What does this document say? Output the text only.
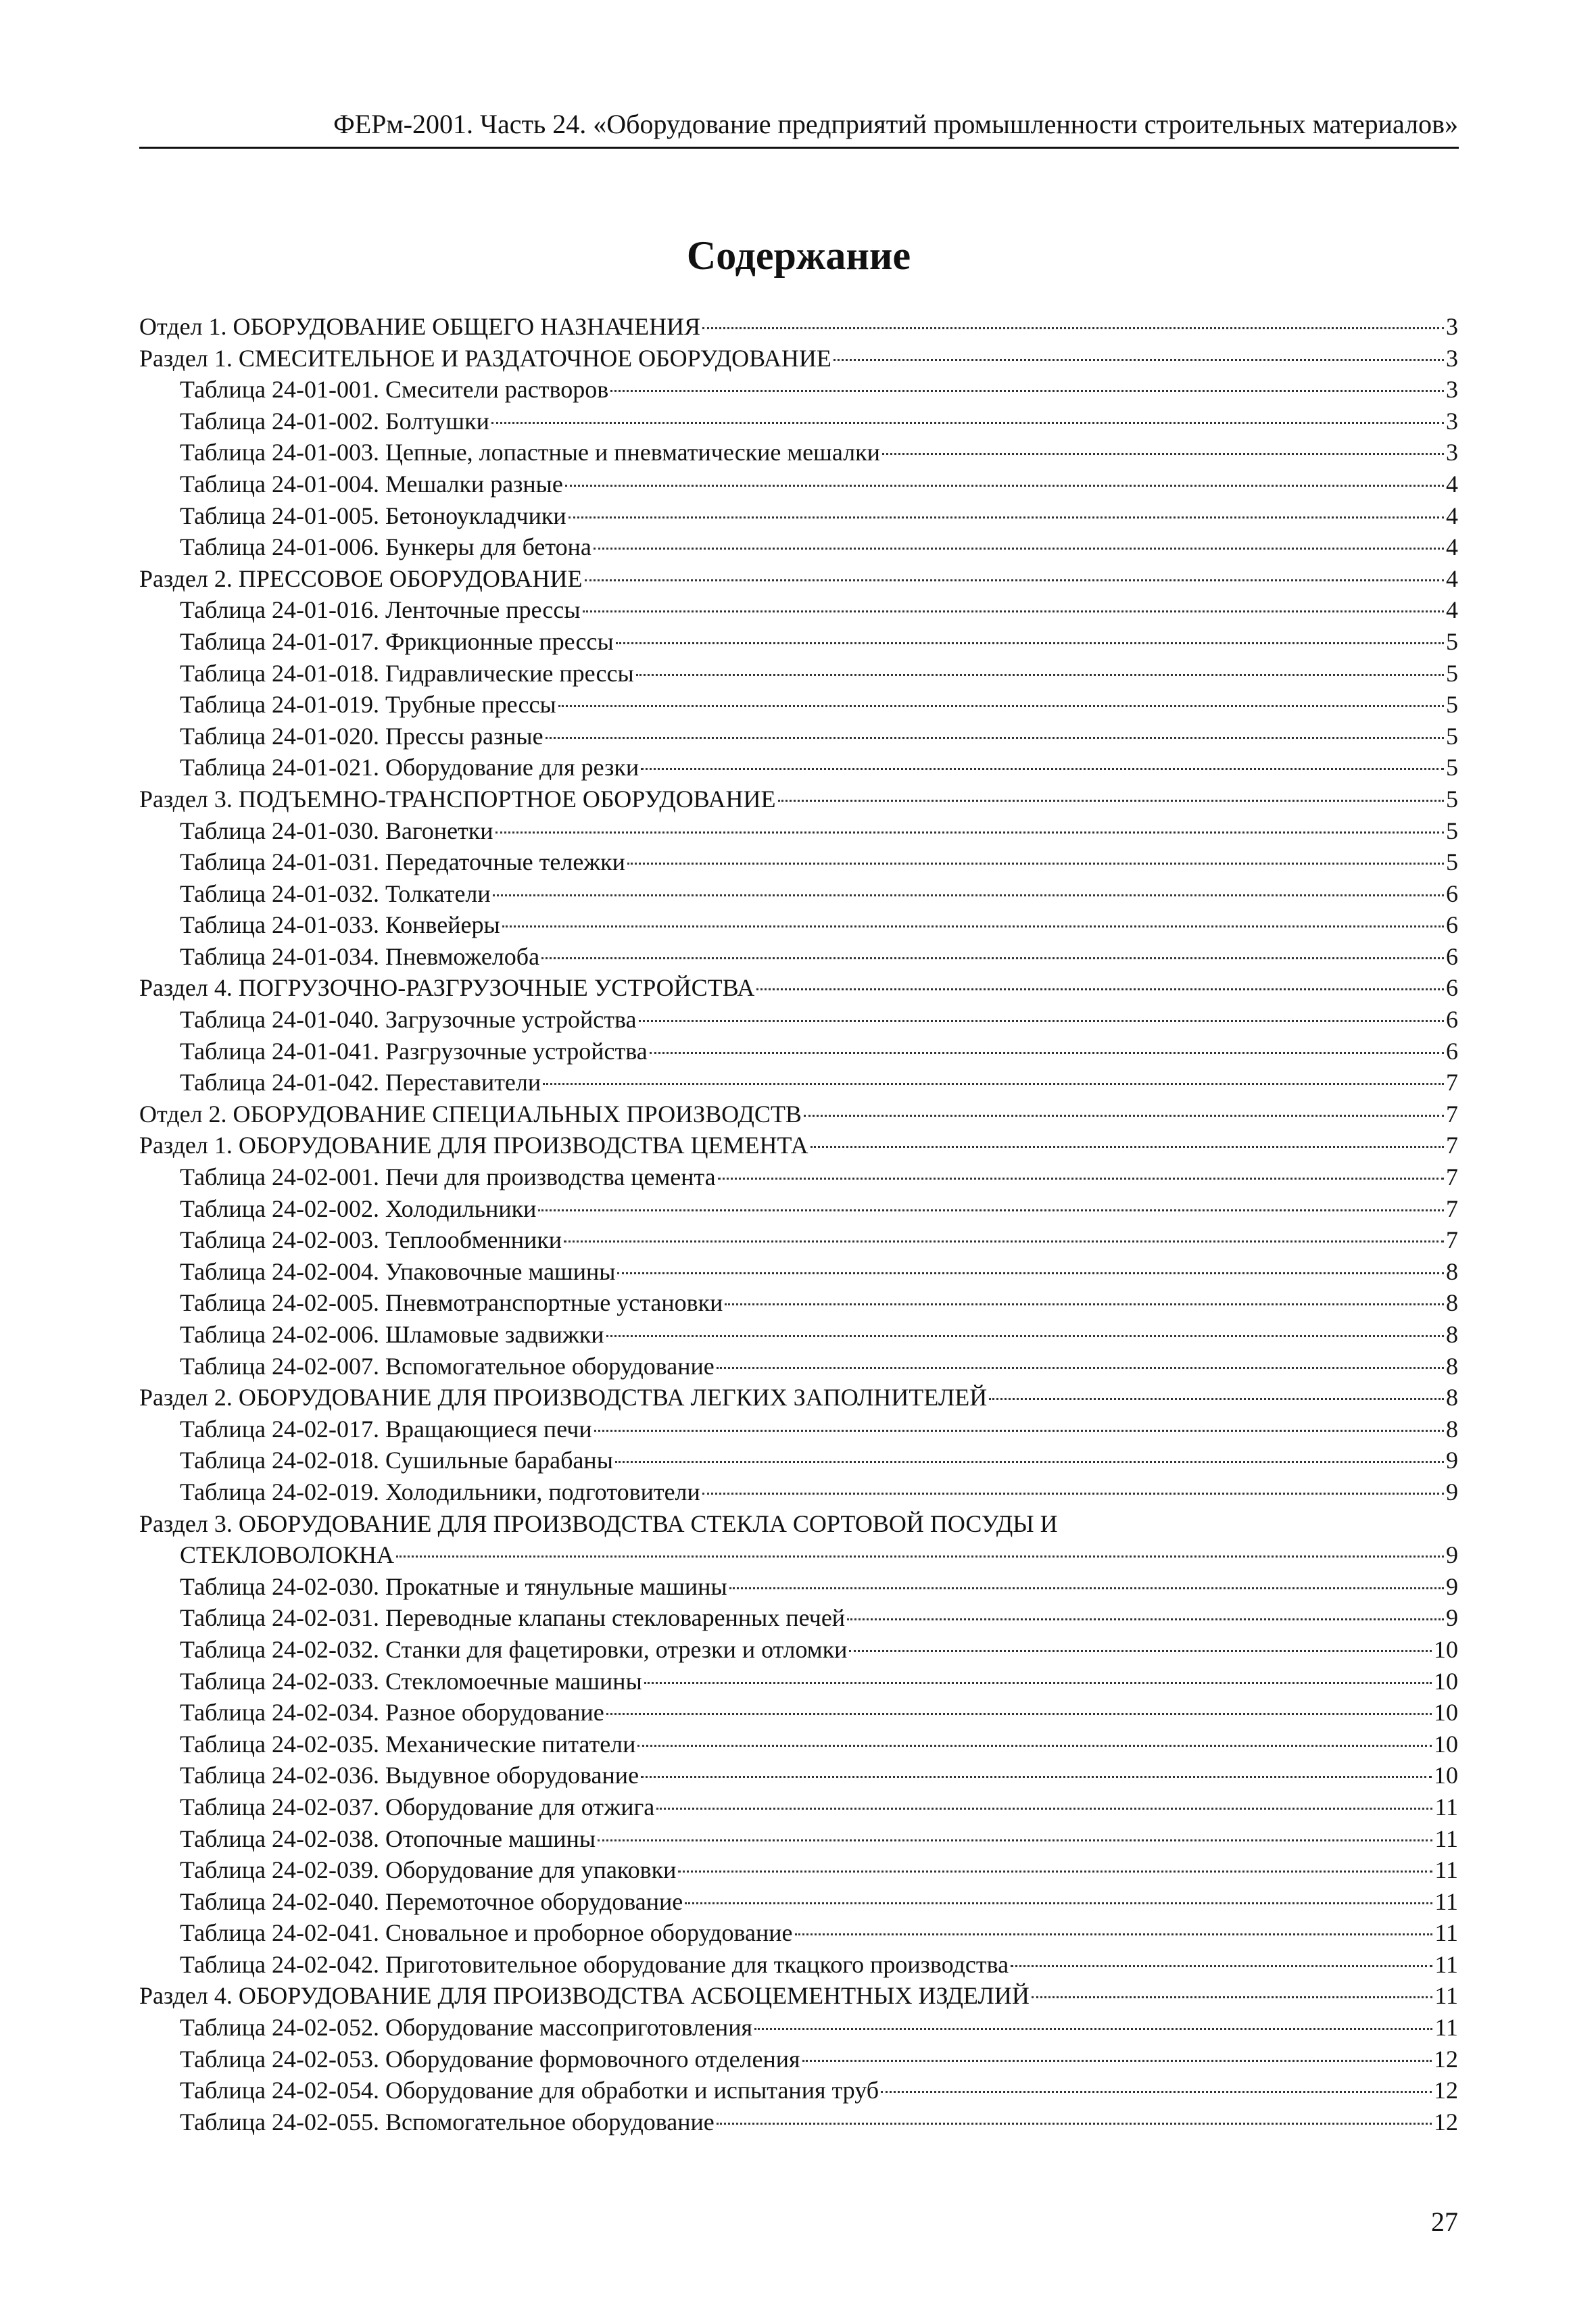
ФЕРм-2001. Часть 24. «Оборудование предприятий промышленности строительных материалов»
Содержание
Отдел 1. ОБОРУДОВАНИЕ ОБЩЕГО НАЗНАЧЕНИЯ	3
Раздел 1. СМЕСИТЕЛЬНОЕ И РАЗДАТОЧНОЕ ОБОРУДОВАНИЕ	3
Таблица 24-01-001. Смесители растворов	3
Таблица 24-01-002. Болтушки	3
Таблица 24-01-003. Цепные, лопастные и пневматические мешалки	3
Таблица 24-01-004. Мешалки разные	4
Таблица 24-01-005. Бетоноукладчики	4
Таблица 24-01-006. Бункеры для бетона	4
Раздел 2. ПРЕССОВОЕ ОБОРУДОВАНИЕ	4
Таблица 24-01-016. Ленточные прессы	4
Таблица 24-01-017. Фрикционные прессы	5
Таблица 24-01-018. Гидравлические прессы	5
Таблица 24-01-019. Трубные прессы	5
Таблица 24-01-020. Прессы разные	5
Таблица 24-01-021. Оборудование для резки	5
Раздел 3. ПОДЪЕМНО-ТРАНСПОРТНОЕ ОБОРУДОВАНИЕ	5
Таблица 24-01-030. Вагонетки	5
Таблица 24-01-031. Передаточные тележки	5
Таблица 24-01-032. Толкатели	6
Таблица 24-01-033. Конвейеры	6
Таблица 24-01-034. Пневможелоба	6
Раздел 4. ПОГРУЗОЧНО-РАЗГРУЗОЧНЫЕ УСТРОЙСТВА	6
Таблица 24-01-040. Загрузочные устройства	6
Таблица 24-01-041. Разгрузочные устройства	6
Таблица 24-01-042. Переставители	7
Отдел 2. ОБОРУДОВАНИЕ СПЕЦИАЛЬНЫХ ПРОИЗВОДСТВ	7
Раздел 1. ОБОРУДОВАНИЕ ДЛЯ ПРОИЗВОДСТВА ЦЕМЕНТА	7
Таблица 24-02-001. Печи для производства цемента	7
Таблица 24-02-002. Холодильники	7
Таблица 24-02-003. Теплообменники	7
Таблица 24-02-004. Упаковочные машины	8
Таблица 24-02-005. Пневмотранспортные установки	8
Таблица 24-02-006. Шламовые задвижки	8
Таблица 24-02-007. Вспомогательное оборудование	8
Раздел 2. ОБОРУДОВАНИЕ ДЛЯ ПРОИЗВОДСТВА ЛЕГКИХ ЗАПОЛНИТЕЛЕЙ	8
Таблица 24-02-017. Вращающиеся печи	8
Таблица 24-02-018. Сушильные барабаны	9
Таблица 24-02-019. Холодильники, подготовители	9
Раздел 3. ОБОРУДОВАНИЕ ДЛЯ ПРОИЗВОДСТВА СТЕКЛА СОРТОВОЙ ПОСУДЫ И
СТЕКЛОВОЛОКНА	9
Таблица 24-02-030. Прокатные и тянульные машины	9
Таблица 24-02-031. Переводные клапаны стекловаренных печей	9
Таблица 24-02-032. Станки для фацетировки, отрезки и отломки	10
Таблица 24-02-033. Стекломоечные машины	10
Таблица 24-02-034. Разное оборудование	10
Таблица 24-02-035. Механические питатели	10
Таблица 24-02-036. Выдувное оборудование	10
Таблица 24-02-037. Оборудование для отжига	11
Таблица 24-02-038. Отопочные машины	11
Таблица 24-02-039. Оборудование для упаковки	11
Таблица 24-02-040. Перемоточное оборудование	11
Таблица 24-02-041. Сновальное и проборное оборудование	11
Таблица 24-02-042. Приготовительное оборудование для ткацкого производства	11
Раздел 4. ОБОРУДОВАНИЕ ДЛЯ ПРОИЗВОДСТВА АСБОЦЕМЕНТНЫХ ИЗДЕЛИЙ	11
Таблица 24-02-052. Оборудование массоприготовления	11
Таблица 24-02-053. Оборудование формовочного отделения	12
Таблица 24-02-054. Оборудование для обработки и испытания труб	12
Таблица 24-02-055. Вспомогательное оборудование	12
27
